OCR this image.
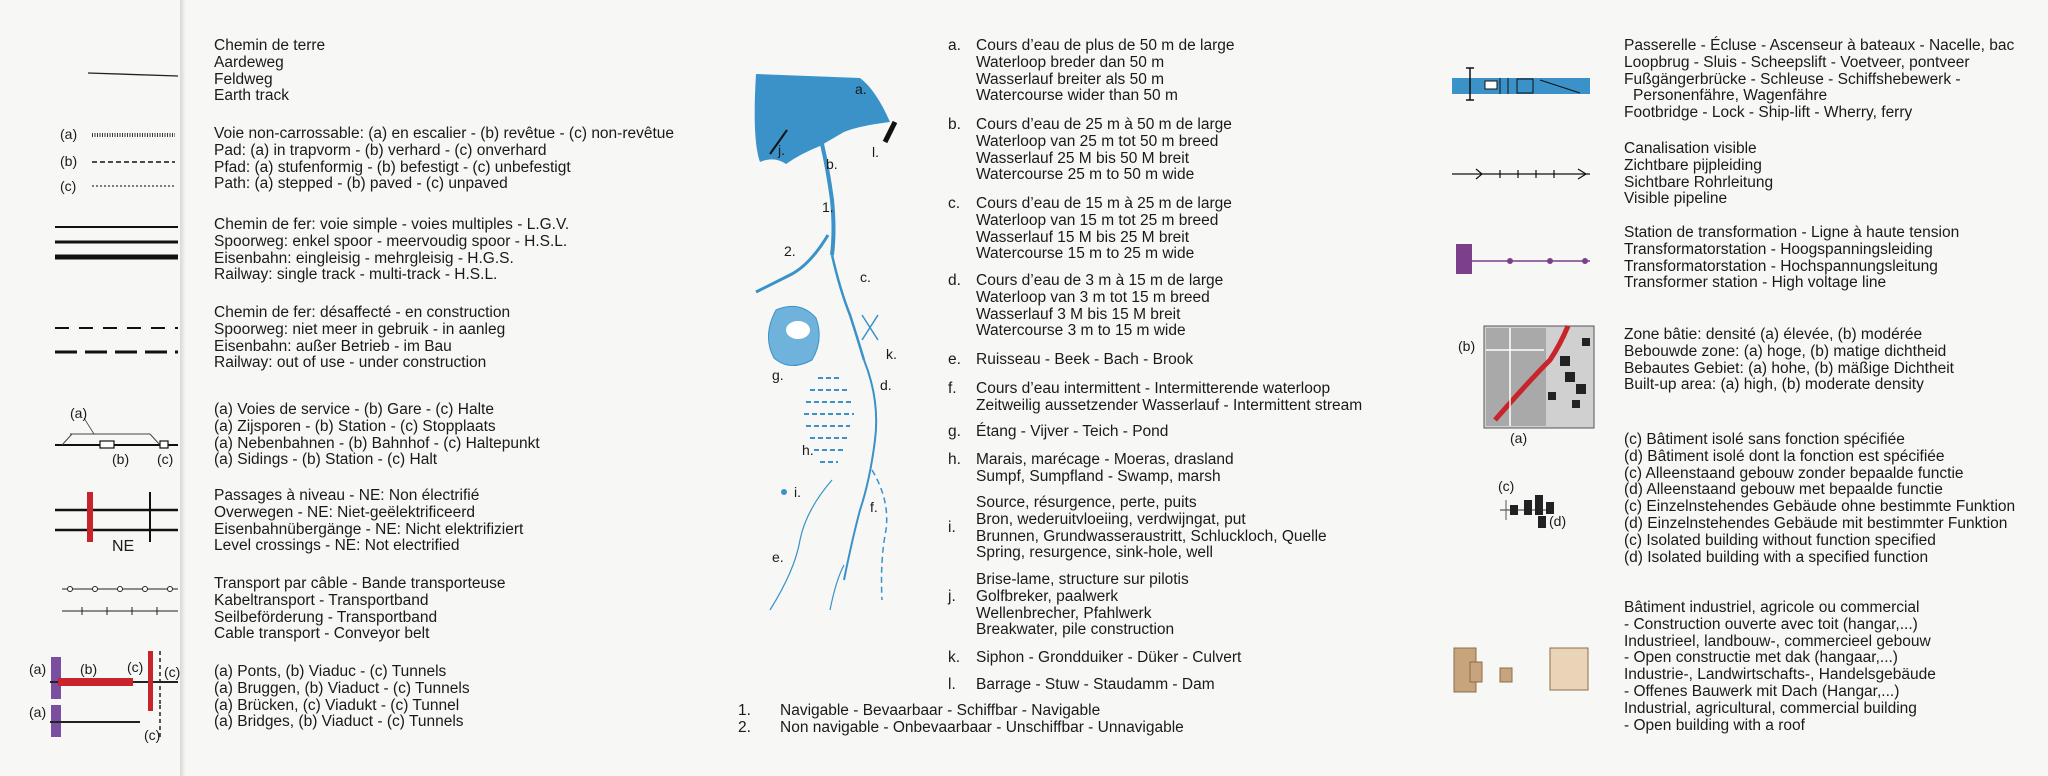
(a)
(b)
(c)
(a)
(b) (c)
NE
(a) (b) (c) (c)
(a)
(c)
Chemin de terre
Aardeweg
Feldweg
Earth track
Voie non-carrossable: (a) en escalier - (b) revêtue - (c) non-revêtue
Pad: (a) in trapvorm - (b) verhard - (c) onverhard
Pfad: (a) stufenformig - (b) befestigt - (c) unbefestigt
Path: (a) stepped - (b) paved - (c) unpaved
Chemin de fer: voie simple - voies multiples - L.G.V.
Spoorweg: enkel spoor - meervoudig spoor - H.S.L.
Eisenbahn: eingleisig - mehrgleisig - H.G.S.
Railway: single track - multi-track - H.S.L.
Chemin de fer: désaffecté - en construction
Spoorweg: niet meer in gebruik - in aanleg
Eisenbahn: außer Betrieb - im Bau
Railway: out of use - under construction
(a) Voies de service - (b) Gare - (c) Halte
(a) Zijsporen - (b) Station - (c) Stopplaats
(a) Nebenbahnen - (b) Bahnhof - (c) Haltepunkt
(a) Sidings - (b) Station - (c) Halt
Passages à niveau - NE: Non électrifié
Overwegen - NE: Niet-geëlektrificeerd
Eisenbahnübergänge - NE: Nicht elektrifiziert
Level crossings - NE: Not electrified
Transport par câble - Bande transporteuse
Kabeltransport - Transportband
Seilbeförderung - Transportband
Cable transport - Conveyor belt
(a) Ponts, (b) Viaduc - (c) Tunnels
(a) Bruggen, (b) Viaduct - (c) Tunnels
(a) Brücken, (c) Viadukt - (c) Tunnel
(a) Bridges, (b) Viaduct - (c) Tunnels
a.
b.
j.	l.
1.
2.
c.
k.
g.
d.
h.
i.
f.
e.
a. Cours d’eau de plus de 50 m de large
Waterloop breder dan 50 m
Wasserlauf breiter als 50 m
Watercourse wider than 50 m
b. Cours d’eau de 25 m à 50 m de large
Waterloop van 25 m tot 50 m breed
Wasserlauf 25 M bis 50 M breit
Watercourse 25 m to 50 m wide
c. Cours d’eau de 15 m à 25 m de large
Waterloop van 15 m tot 25 m breed
Wasserlauf 15 M bis 25 M breit
Watercourse 15 m to 25 m wide
d. Cours d’eau de 3 m à 15 m de large
Waterloop van 3 m tot 15 m breed
Wasserlauf 3 M bis 15 M breit
Watercourse 3 m to 15 m wide
e. Ruisseau - Beek - Bach - Brook
f. Cours d’eau intermittent - Intermitterende waterloop
Zeitweilig aussetzender Wasserlauf - Intermittent stream
g. Étang - Vijver - Teich - Pond
h. Marais, marécage - Moeras, drasland
Sumpf, Sumpfland - Swamp, marsh
i.
Source, résurgence, perte, puits
Bron, wederuitvloeiing, verdwijngat, put
Brunnen, Grundwasseraustritt, Schluckloch, Quelle
Spring, resurgence, sink-hole, well
j.
Brise-lame, structure sur pilotis
Golfbreker, paalwerk
Wellenbrecher, Pfahlwerk
Breakwater, pile construction
k. Siphon - Grondduiker - Düker - Culvert
l. Barrage - Stuw - Staudamm - Dam
1. Navigable - Bevaarbaar - Schiffbar - Navigable
2. Non navigable - Onbevaarbaar - Unschiffbar - Unnavigable
(b)
(a)
(c)
(d)
Passerelle - Écluse - Ascenseur à bateaux - Nacelle, bac
Loopbrug - Sluis - Scheepslift - Voetveer, pontveer
Fußgängerbrücke - Schleuse - Schiffshebewerk -
Personenfähre, Wagenfähre
Footbridge - Lock - Ship-lift - Wherry, ferry
Canalisation visible
Zichtbare pijpleiding
Sichtbare Rohrleitung
Visible pipeline
Station de transformation - Ligne à haute tension
Transformatorstation - Hoogspanningsleiding
Transformatorstation - Hochspannungsleitung
Transformer station - High voltage line
Zone bâtie: densité (a) élevée, (b) modérée
Bebouwde zone: (a) hoge, (b) matige dichtheid
Bebautes Gebiet: (a) hohe, (b) mäßige Dichtheit
Built-up area: (a) high, (b) moderate density
(c) Bâtiment isolé sans fonction spécifiée
(d) Bâtiment isolé dont la fonction est spécifiée
(c) Alleenstaand gebouw zonder bepaalde functie
(d) Alleenstaand gebouw met bepaalde functie
(c) Einzelnstehendes Gebäude ohne bestimmte Funktion
(d) Einzelnstehendes Gebäude mit bestimmter Funktion
(c) Isolated building without function specified
(d) Isolated building with a specified function
Bâtiment industriel, agricole ou commercial
- Construction ouverte avec toit (hangar,...)
Industrieel, landbouw-, commercieel gebouw
- Open constructie met dak (hangaar,...)
Industrie-, Landwirtschafts-, Handelsgebäude
- Offenes Bauwerk mit Dach (Hangar,...)
Industrial, agricultural, commercial building
- Open building with a roof
